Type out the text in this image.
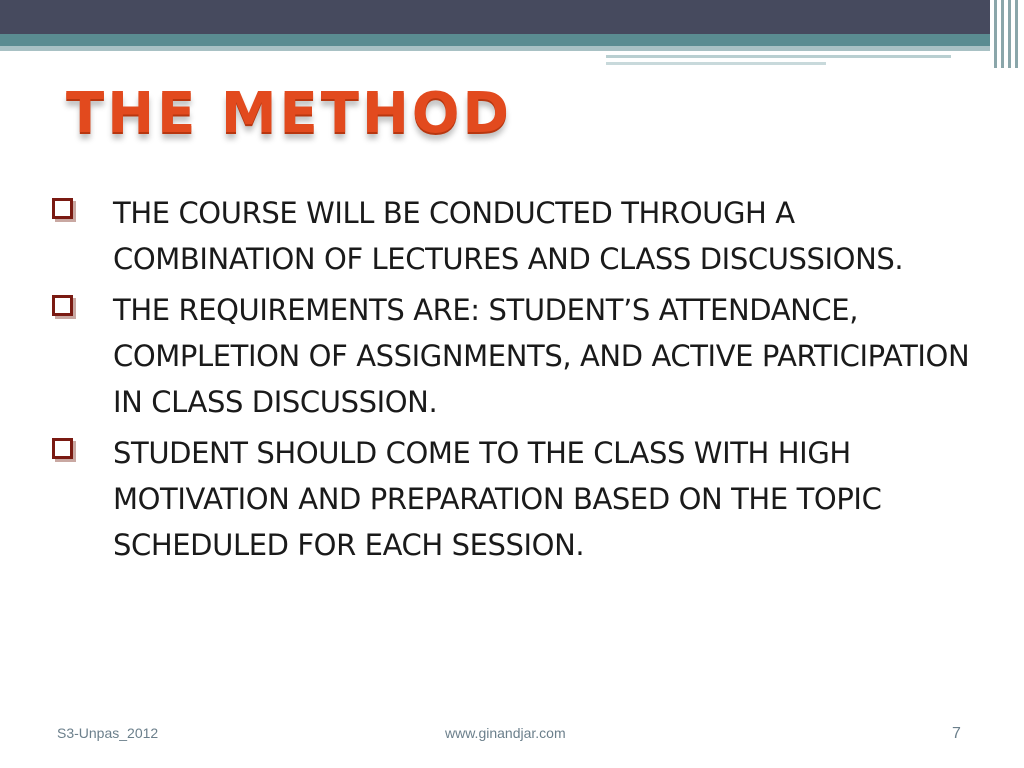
THE METHOD
THE COURSE WILL BE CONDUCTED THROUGH A COMBINATION OF LECTURES AND CLASS DISCUSSIONS.
THE REQUIREMENTS ARE: STUDENT’S ATTENDANCE, COMPLETION OF ASSIGNMENTS, AND ACTIVE PARTICIPATION IN CLASS DISCUSSION.
STUDENT SHOULD COME TO THE CLASS WITH HIGH MOTIVATION AND PREPARATION BASED ON THE TOPIC SCHEDULED FOR EACH SESSION.
S3-Unpas_2012	www.ginandjar.com	7
